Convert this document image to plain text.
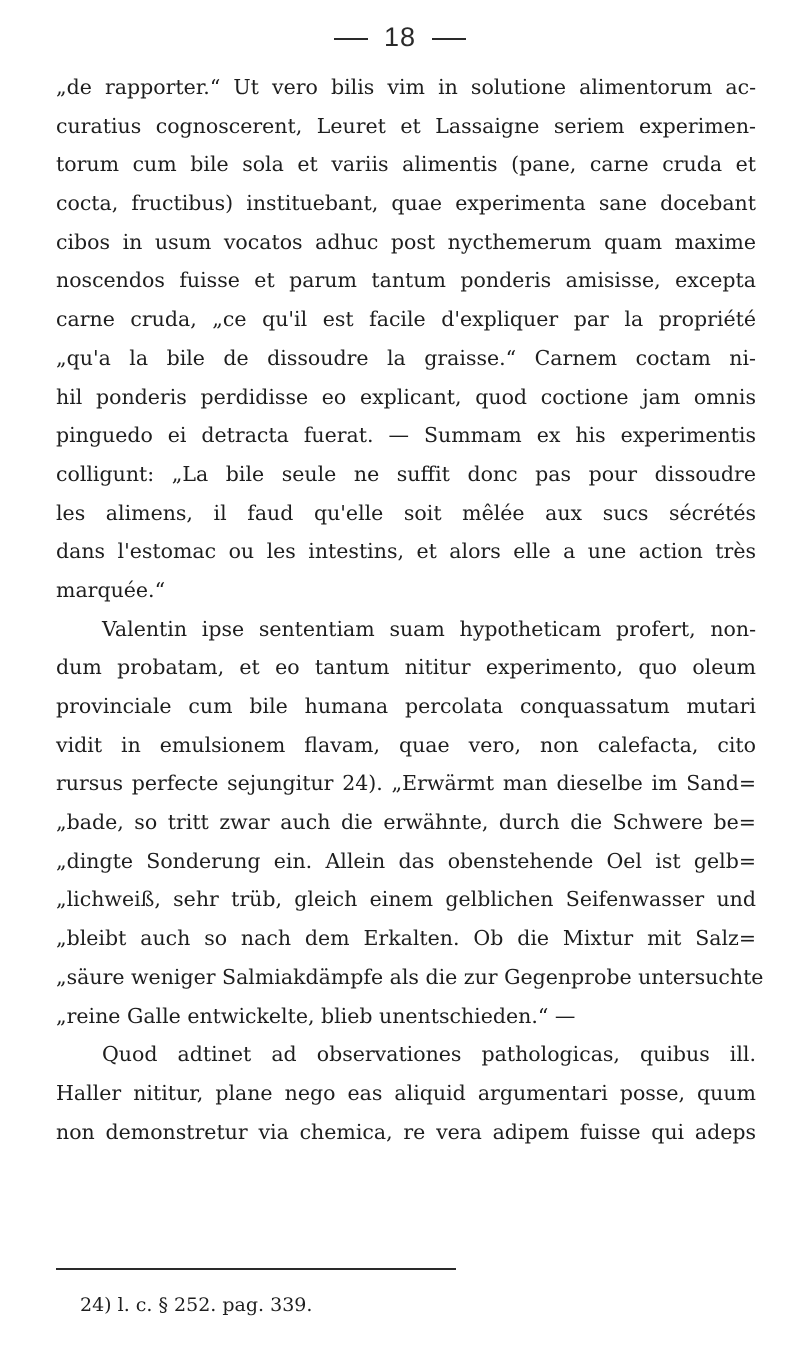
18
„de rapporter.“ Ut vero bilis vim in solutione alimentorum ac-
curatius cognoscerent, Leuret et Lassaigne seriem experimen-
torum cum bile sola et variis alimentis (pane, carne cruda et
cocta, fructibus) instituebant, quae experimenta sane docebant
cibos in usum vocatos adhuc post nycthemerum quam maxime
noscendos fuisse et parum tantum ponderis amisisse, excepta
carne cruda, „ce qu'il est facile d'expliquer par la propriété
„qu'a la bile de dissoudre la graisse.“ Carnem coctam ni-
hil ponderis perdidisse eo explicant, quod coctione jam omnis
pinguedo ei detracta fuerat. — Summam ex his experimentis
colligunt: „La bile seule ne suffit donc pas pour dissoudre
les alimens, il faud qu'elle soit mêlée aux sucs sécrétés
dans l'estomac ou les intestins, et alors elle a une action très
marquée.“
Valentin ipse sententiam suam hypotheticam profert, non-
dum probatam, et eo tantum nititur experimento, quo oleum
provinciale cum bile humana percolata conquassatum mutari
vidit in emulsionem flavam, quae vero, non calefacta, cito
rursus perfecte sejungitur 24). „Erwärmt man dieselbe im Sand=
„bade, so tritt zwar auch die erwähnte, durch die Schwere be=
„dingte Sonderung ein. Allein das obenstehende Oel ist gelb=
„lichweiß, sehr trüb, gleich einem gelblichen Seifenwasser und
„bleibt auch so nach dem Erkalten. Ob die Mixtur mit Salz=
„säure weniger Salmiakdämpfe als die zur Gegenprobe untersuchte
„reine Galle entwickelte, blieb unentschieden.“ —
Quod adtinet ad observationes pathologicas, quibus ill.
Haller nititur, plane nego eas aliquid argumentari posse, quum
non demonstretur via chemica, re vera adipem fuisse qui adeps
24) l. c. § 252. pag. 339.
